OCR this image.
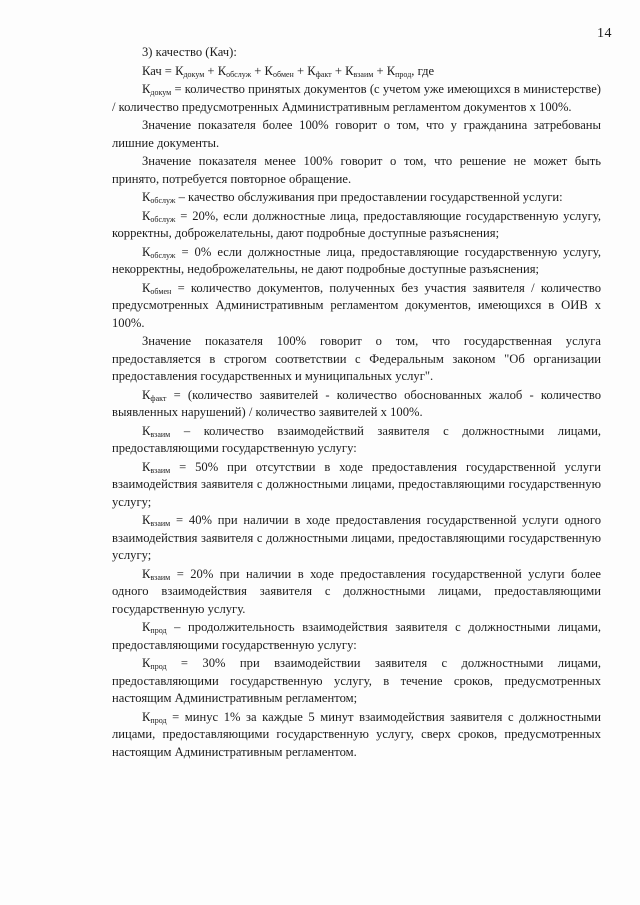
14

3) качество (Кач):

Кач = $К_{докум} + К_{обслуж} + К_{обмен} + К_{факт} + К_{взаим} + К_{прод}$, где

$К_{докум}$ = количество принятых документов (с учетом уже имеющихся в министерстве) / количество предусмотренных Административным регламентом документов х 100%.

Значение показателя более 100% говорит о том, что у гражданина затребованы лишние документы.

Значение показателя менее 100% говорит о том, что решение не может быть принято, потребуется повторное обращение.

$К_{обслуж}$ – качество обслуживания при предоставлении государственной услуги:

$К_{обслуж} = 20\%$, если должностные лица, предоставляющие государственную услугу, корректны, доброжелательны, дают подробные доступные разъяснения;

$К_{обслуж} = 0\%$ если должностные лица, предоставляющие государственную услугу, некорректны, недоброжелательны, не дают подробные доступные разъяснения;

$К_{обмен}$ = количество документов, полученных без участия заявителя / количество предусмотренных Административным регламентом документов, имеющихся в ОИВ х 100%.

Значение показателя 100% говорит о том, что государственная услуга предоставляется в строгом соответствии с Федеральным законом "Об организации предоставления государственных и муниципальных услуг".

$К_{факт}$ = (количество заявителей - количество обоснованных жалоб - количество выявленных нарушений) / количество заявителей х 100%.

$К_{взаим}$ – количество взаимодействий заявителя с должностными лицами, предоставляющими государственную услугу:

$К_{взаим} = 50\%$ при отсутствии в ходе предоставления государственной услуги взаимодействия заявителя с должностными лицами, предоставляющими государственную услугу;

$К_{взаим} = 40\%$ при наличии в ходе предоставления государственной услуги одного взаимодействия заявителя с должностными лицами, предоставляющими государственную услугу;

$К_{взаим} = 20\%$ при наличии в ходе предоставления государственной услуги более одного взаимодействия заявителя с должностными лицами, предоставляющими государственную услугу.

$К_{прод}$ – продолжительность взаимодействия заявителя с должностными лицами, предоставляющими государственную услугу:

$К_{прод} = 30\%$ при взаимодействии заявителя с должностными лицами, предоставляющими государственную услугу, в течение сроков, предусмотренных настоящим Административным регламентом;

$К_{прод}$ = минус 1% за каждые 5 минут взаимодействия заявителя с должностными лицами, предоставляющими государственную услугу, сверх сроков, предусмотренных настоящим Административным регламентом.
